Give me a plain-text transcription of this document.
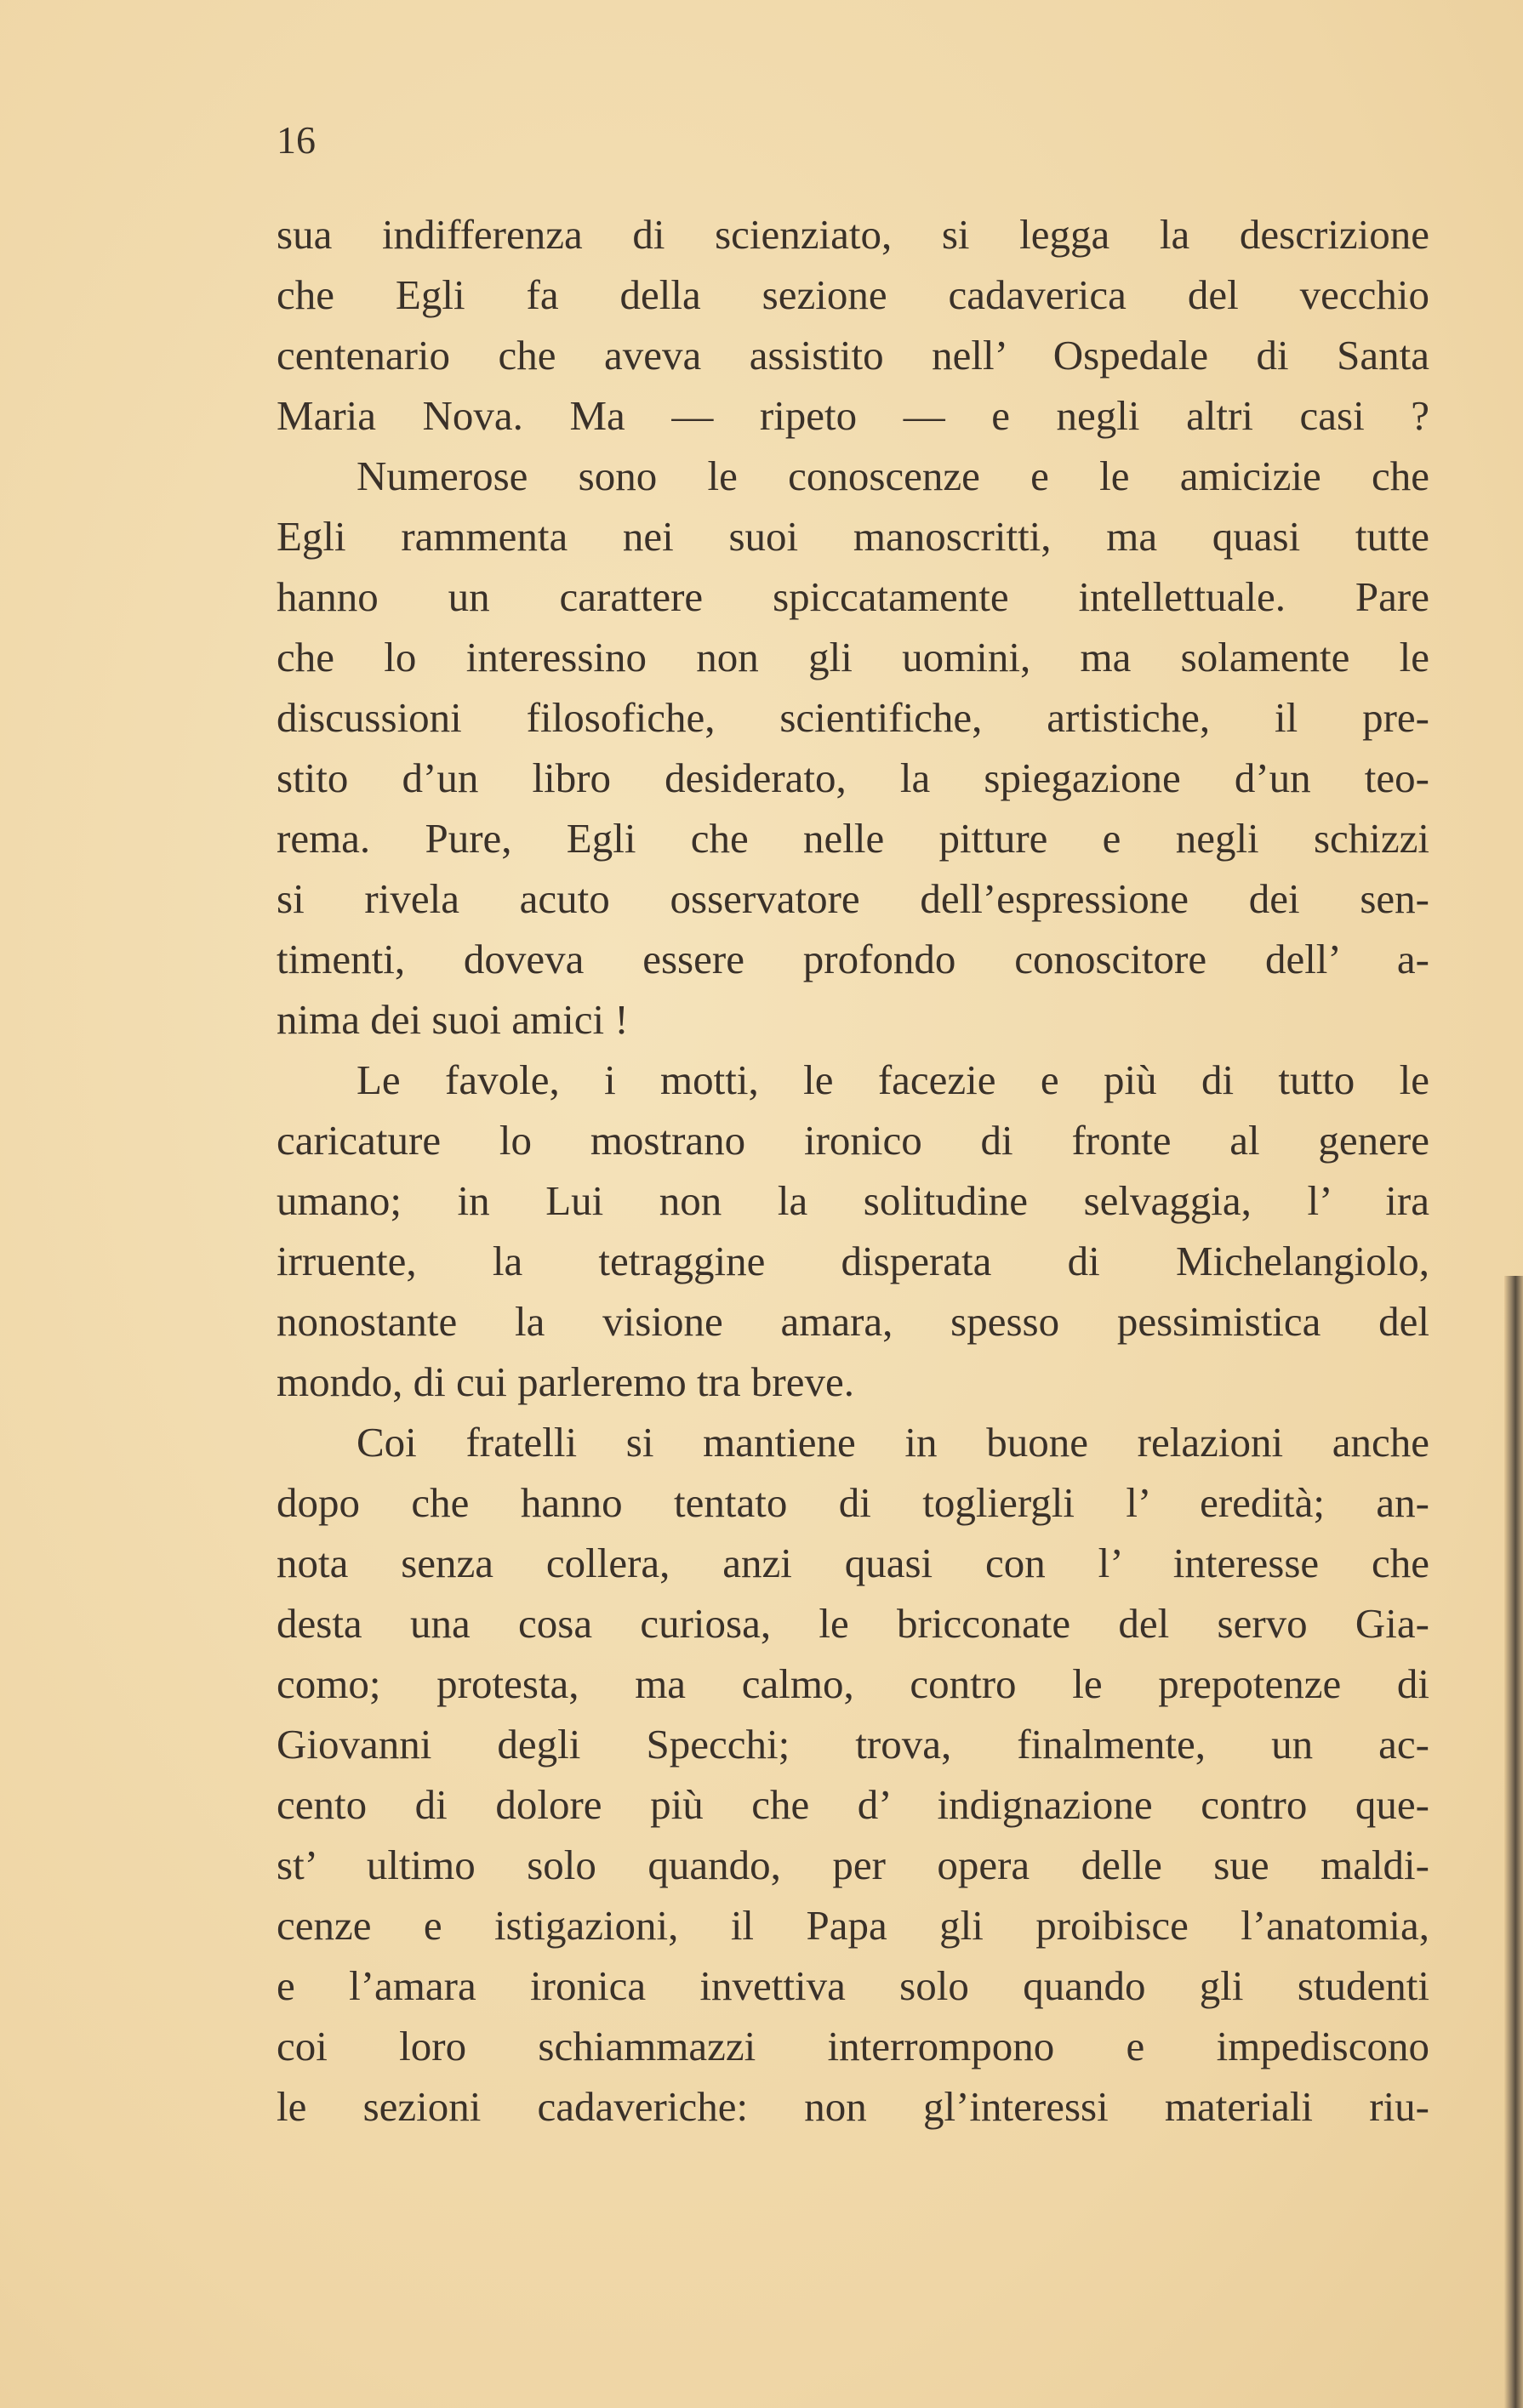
16
sua indifferenza di scienziato, si legga la descrizione
che Egli fa della sezione cadaverica del vecchio
centenario che aveva assistito nell’ Ospedale di Santa
Maria Nova. Ma — ripeto — e negli altri casi ?
Numerose sono le conoscenze e le amicizie che
Egli rammenta nei suoi manoscritti, ma quasi tutte
hanno un carattere spiccatamente intellettuale. Pare
che lo interessino non gli uomini, ma solamente le
discussioni filosofiche, scientifiche, artistiche, il pre-
stito d’un libro desiderato, la spiegazione d’un teo-
rema. Pure, Egli che nelle pitture e negli schizzi
si rivela acuto osservatore dell’espressione dei sen-
timenti, doveva essere profondo conoscitore dell’ a-
nima dei suoi amici !
Le favole, i motti, le facezie e più di tutto le
caricature lo mostrano ironico di fronte al genere
umano; in Lui non la solitudine selvaggia, l’ ira
irruente, la tetraggine disperata di Michelangiolo,
nonostante la visione amara, spesso pessimistica del
mondo, di cui parleremo tra breve.
Coi fratelli si mantiene in buone relazioni anche
dopo che hanno tentato di togliergli l’ eredità; an-
nota senza collera, anzi quasi con l’ interesse che
desta una cosa curiosa, le bricconate del servo Gia-
como; protesta, ma calmo, contro le prepotenze di
Giovanni degli Specchi; trova, finalmente, un ac-
cento di dolore più che d’ indignazione contro que-
st’ ultimo solo quando, per opera delle sue maldi-
cenze e istigazioni, il Papa gli proibisce l’anatomia,
e l’amara ironica invettiva solo quando gli studenti
coi loro schiammazzi interrompono e impediscono
le sezioni cadaveriche: non gl’interessi materiali riu-
